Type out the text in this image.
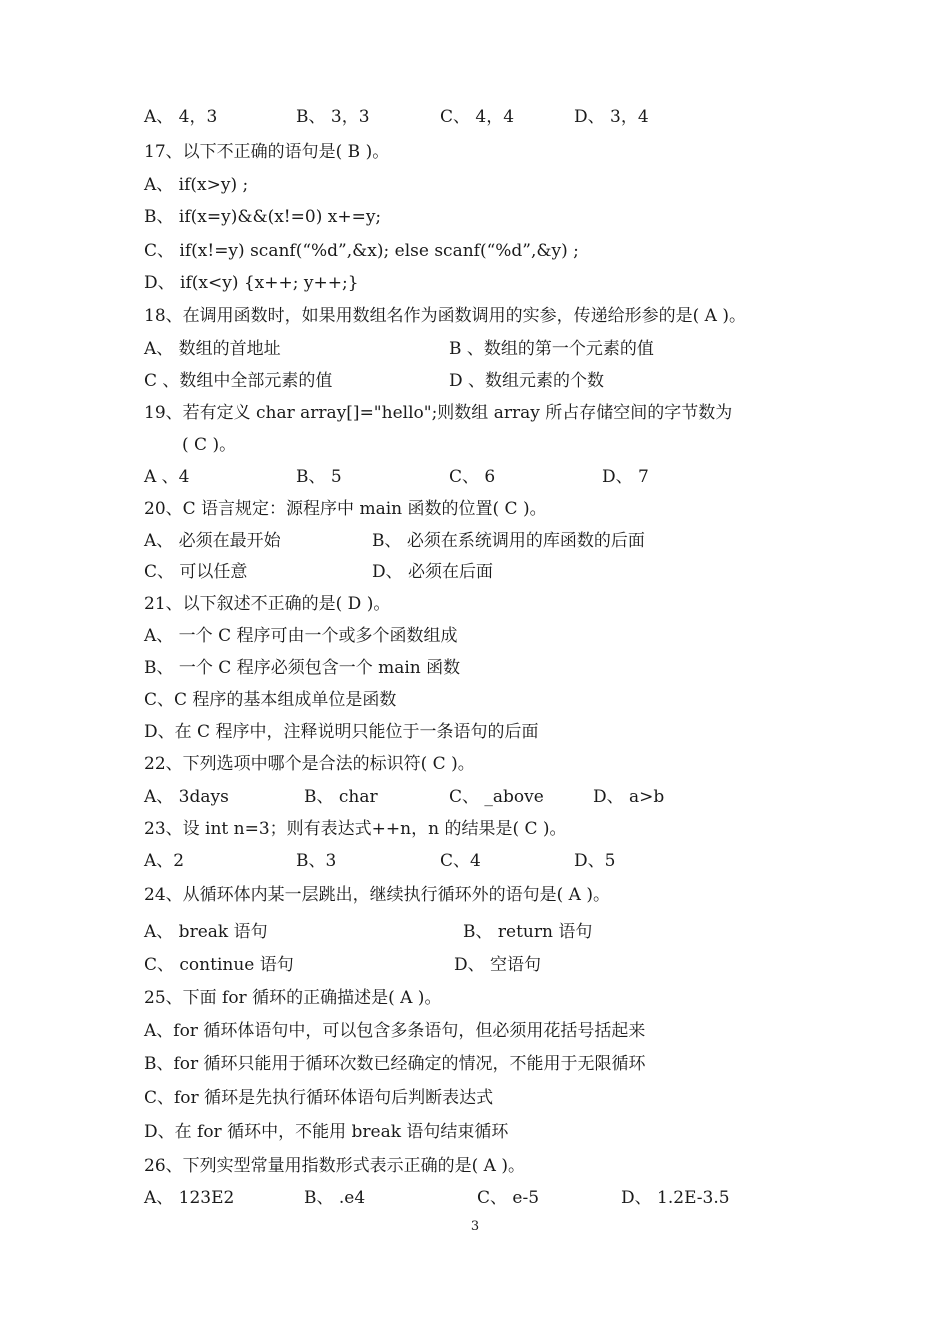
A、 4，3	B、 3，3	C、 4，4	D、 3，4
17、以下不正确的语句是( B )。
A、 if(x>y) ;
B、 if(x=y)&&(x!=0) x+=y;
C、 if(x!=y) scanf(“%d”,&x); else scanf(“%d”,&y) ;
D、 if(x<y) {x++; y++;}
18、在调用函数时，如果用数组名作为函数调用的实参，传递给形参的是( A )。
A、 数组的首地址	B 、数组的第一个元素的值
C 、数组中全部元素的值	D 、数组元素的个数
19、若有定义 char array[]="hello";则数组 array 所占存储空间的字节数为
( C )。
A 、4	B、 5	C、 6	D、 7
20、C 语言规定：源程序中 main 函数的位置( C )。
A、 必须在最开始	B、 必须在系统调用的库函数的后面
C、 可以任意	D、 必须在后面
21、以下叙述不正确的是( D )。
A、 一个 C 程序可由一个或多个函数组成
B、 一个 C 程序必须包含一个 main 函数
C、C 程序的基本组成单位是函数
D、在 C 程序中，注释说明只能位于一条语句的后面
22、下列选项中哪个是合法的标识符( C )。
A、 3days	B、 char	C、 _above	D、 a>b
23、设 int n=3；则有表达式++n，n 的结果是( C )。
A、2	B、3	C、4	D、5
24、从循环体内某一层跳出，继续执行循环外的语句是( A )。
A、 break 语句	B、 return 语句
C、 continue 语句	D、 空语句
25、下面 for 循环的正确描述是( A )。
A、for 循环体语句中，可以包含多条语句，但必须用花括号括起来
B、for 循环只能用于循环次数已经确定的情况，不能用于无限循环
C、for 循环是先执行循环体语句后判断表达式
D、在 for 循环中，不能用 break 语句结束循环
26、下列实型常量用指数形式表示正确的是( A )。
A、 123E2	B、 .e4	C、 e-5	D、 1.2E-3.5
3
